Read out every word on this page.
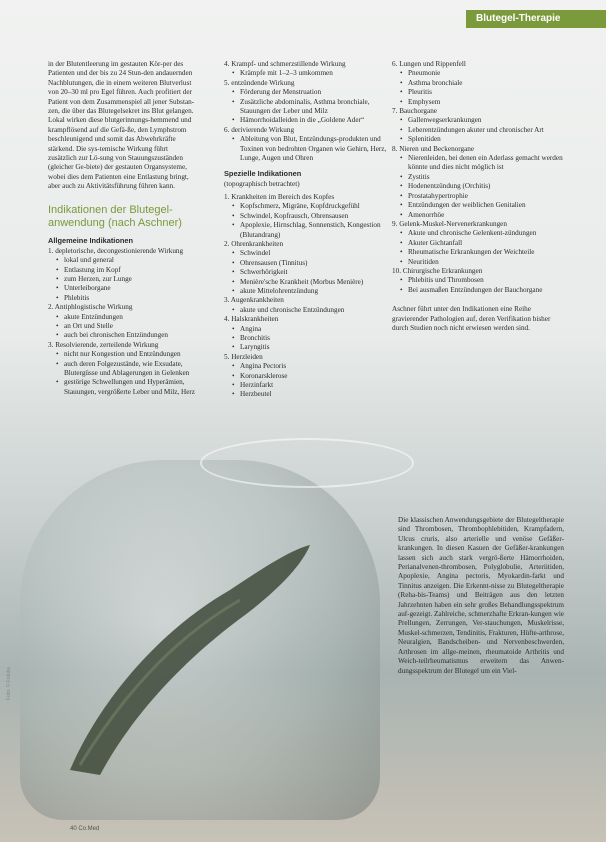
Blutegel-Therapie

in der Blutentleerung im gestauten Kör-per des Patienten und der bis zu 24 Stun-den andauernden Nachblutungen, die in einem weiteren Blutverlust von 20–30 ml pro Egel führen. Auch profitiert der Patient von dem Zusammenspiel all jener Substan-zen, die über das Blutegelsekret ins Blut gelangen. Lokal wirken diese blutgerinnungs-hemmend und krampflösend auf die Gefä-ße, den Lymphstrom beschleunigend und somit das Abwehrkräfte stärkend. Die sys-temische Wirkung führt zusätzlich zur Lö-sung von Stauungszuständen (gleicher Ge-biete) der gestauten Organsysteme, wobei dies dem Patienten eine Entlastung bringt, aber auch zu Aktivitätsführung führen kann.

Indikationen der Blutegel-anwendung (nach Aschner)
Allgemeine Indikationen
1. depletorische, decongestionierende Wirkung
• lokal und general
• Entlastung im Kopf
• zum Herzen, zur Lunge
• Unterleiborgane
• Phlebitis
2. Antiphlogistische Wirkung
• akute Entzündungen
• an Ort und Stelle
• auch bei chronischen Entzündungen
3. Resolvierende, zerteilende Wirkung
• nicht nur Kongestion und Entzündungen
• auch deren Folgezustände, wie Exsudate, Blutergüsse und Ablagerungen in Gelenken
• gestörige Schwellungen und Hyperämien, Stauungen, vergrößerte Leber und Milz, Herz
4. Krampf- und schmerzstillende Wirkung
• Krämpfe mit 1–2–3 umkommen
5. entzündende Wirkung
• Förderung der Menstruation
• Zusätzliche abdominalis, Asthma bronchiale, Stauungen der Leber und Milz
• Hämorrhoidalleiden in die „Goldene Ader“
6. derivierende Wirkung
• Ableitung von Blut, Entzündungs-produkten und Toxinen von bedrohten Organen wie Gehirn, Herz, Lunge, Augen und Ohren
Spezielle Indikationen

(topographisch betrachtet)

1. Krankheiten im Bereich des Kopfes
• Kopfschmerz, Migräne, Kopfdruckgefühl
• Schwindel, Kopfrausch, Ohrensausen
• Apoplexie, Hirnschlag, Sonnenstich, Kongestion (Blutandrang)
2. Ohrenkrankheiten
• Schwindel
• Ohrensausen (Tinnitus)
• Schwerhörigkeit
• Menière'sche Krankheit (Morbus Menière)
• akute Mittelohrentzündung
3. Augenkrankheiten
• akute und chronische Entzündungen
4. Halskrankheiten
• Angina
• Bronchitis
• Laryngitis
5. Herzleiden
• Angina Pectoris
• Koronarsklerose
• Herzinfarkt
• Herzbeutel
6. Lungen und Rippenfell
• Pneumonie
• Asthma bronchiale
• Pleuritis
• Emphysem
7. Bauchorgane
• Gallenwegserkrankungen
• Leberentzündungen akuter und chronischer Art
• Splenitiden
8. Nieren und Beckenorgane
• Nierenleiden, bei denen ein Aderlass gemacht werden könnte und dies nicht möglich ist
• Zystitis
• Hodenentzündung (Orchitis)
• Prostatahypertrophie
• Entzündungen der weiblichen Genitalien
• Amenorrhöe
9. Gelenk-Muskel-Nervenerkrankungen
• Akute und chronische Gelenkent-zündungen
• Akuter Gichtanfall
• Rheumatische Erkrankungen der Weichteile
• Neuritiden
10. Chirurgische Erkrankungen
• Phlebitis und Thrombosen
• Bei ausmaßen Entzündungen der Bauchorgane

Aschner führt unter den Indikationen eine Reihe gravierender Pathologien auf, deren Verifikation bisher durch Studien noch nicht erwiesen werden sind.

Die klassischen Anwendungsgebiete der Blutegeltherapie sind Thrombosen, Thrombophlebitiden, Krampfadern, Ulcus cruris, also arterielle und venöse Gefäßer-krankungen. In diesen Kasuen der Gefäßer-krankungen lassen sich auch stark vergrö-ßerte Hämorrhoiden, Perianalvenen-thrombosen, Polyglobulie, Arteriitiden, Apoplexie, Angina pectoris, Myokardin-farkt und Tinnitus anzeigen. Die Erkennt-nisse zu Blutegeltherapie (Reha-bis-Teams) und Beiträgen aus den letzten Jahrzehnten haben ein sehr großes Behandlungsspektrum auf-gezeigt. Zahlreiche, schmerzhafte Erkran-kungen wie Prellungen, Zerrungen, Ver-stauchungen, Muskelrisse, Muskel-schmerzen, Tendinitis, Frakturen, Hüfte-arthrose, Neuralgien, Bandscheiben- und Nervenbeschwerden, Arthrosen im allge-meinen, rheumatoide Arthritis und Weich-teilrheumatismus erweitern das Anwen-dungsspektrum der Blutegel um ein Viel-

40 Co.Med
Foto: © Fotolia
